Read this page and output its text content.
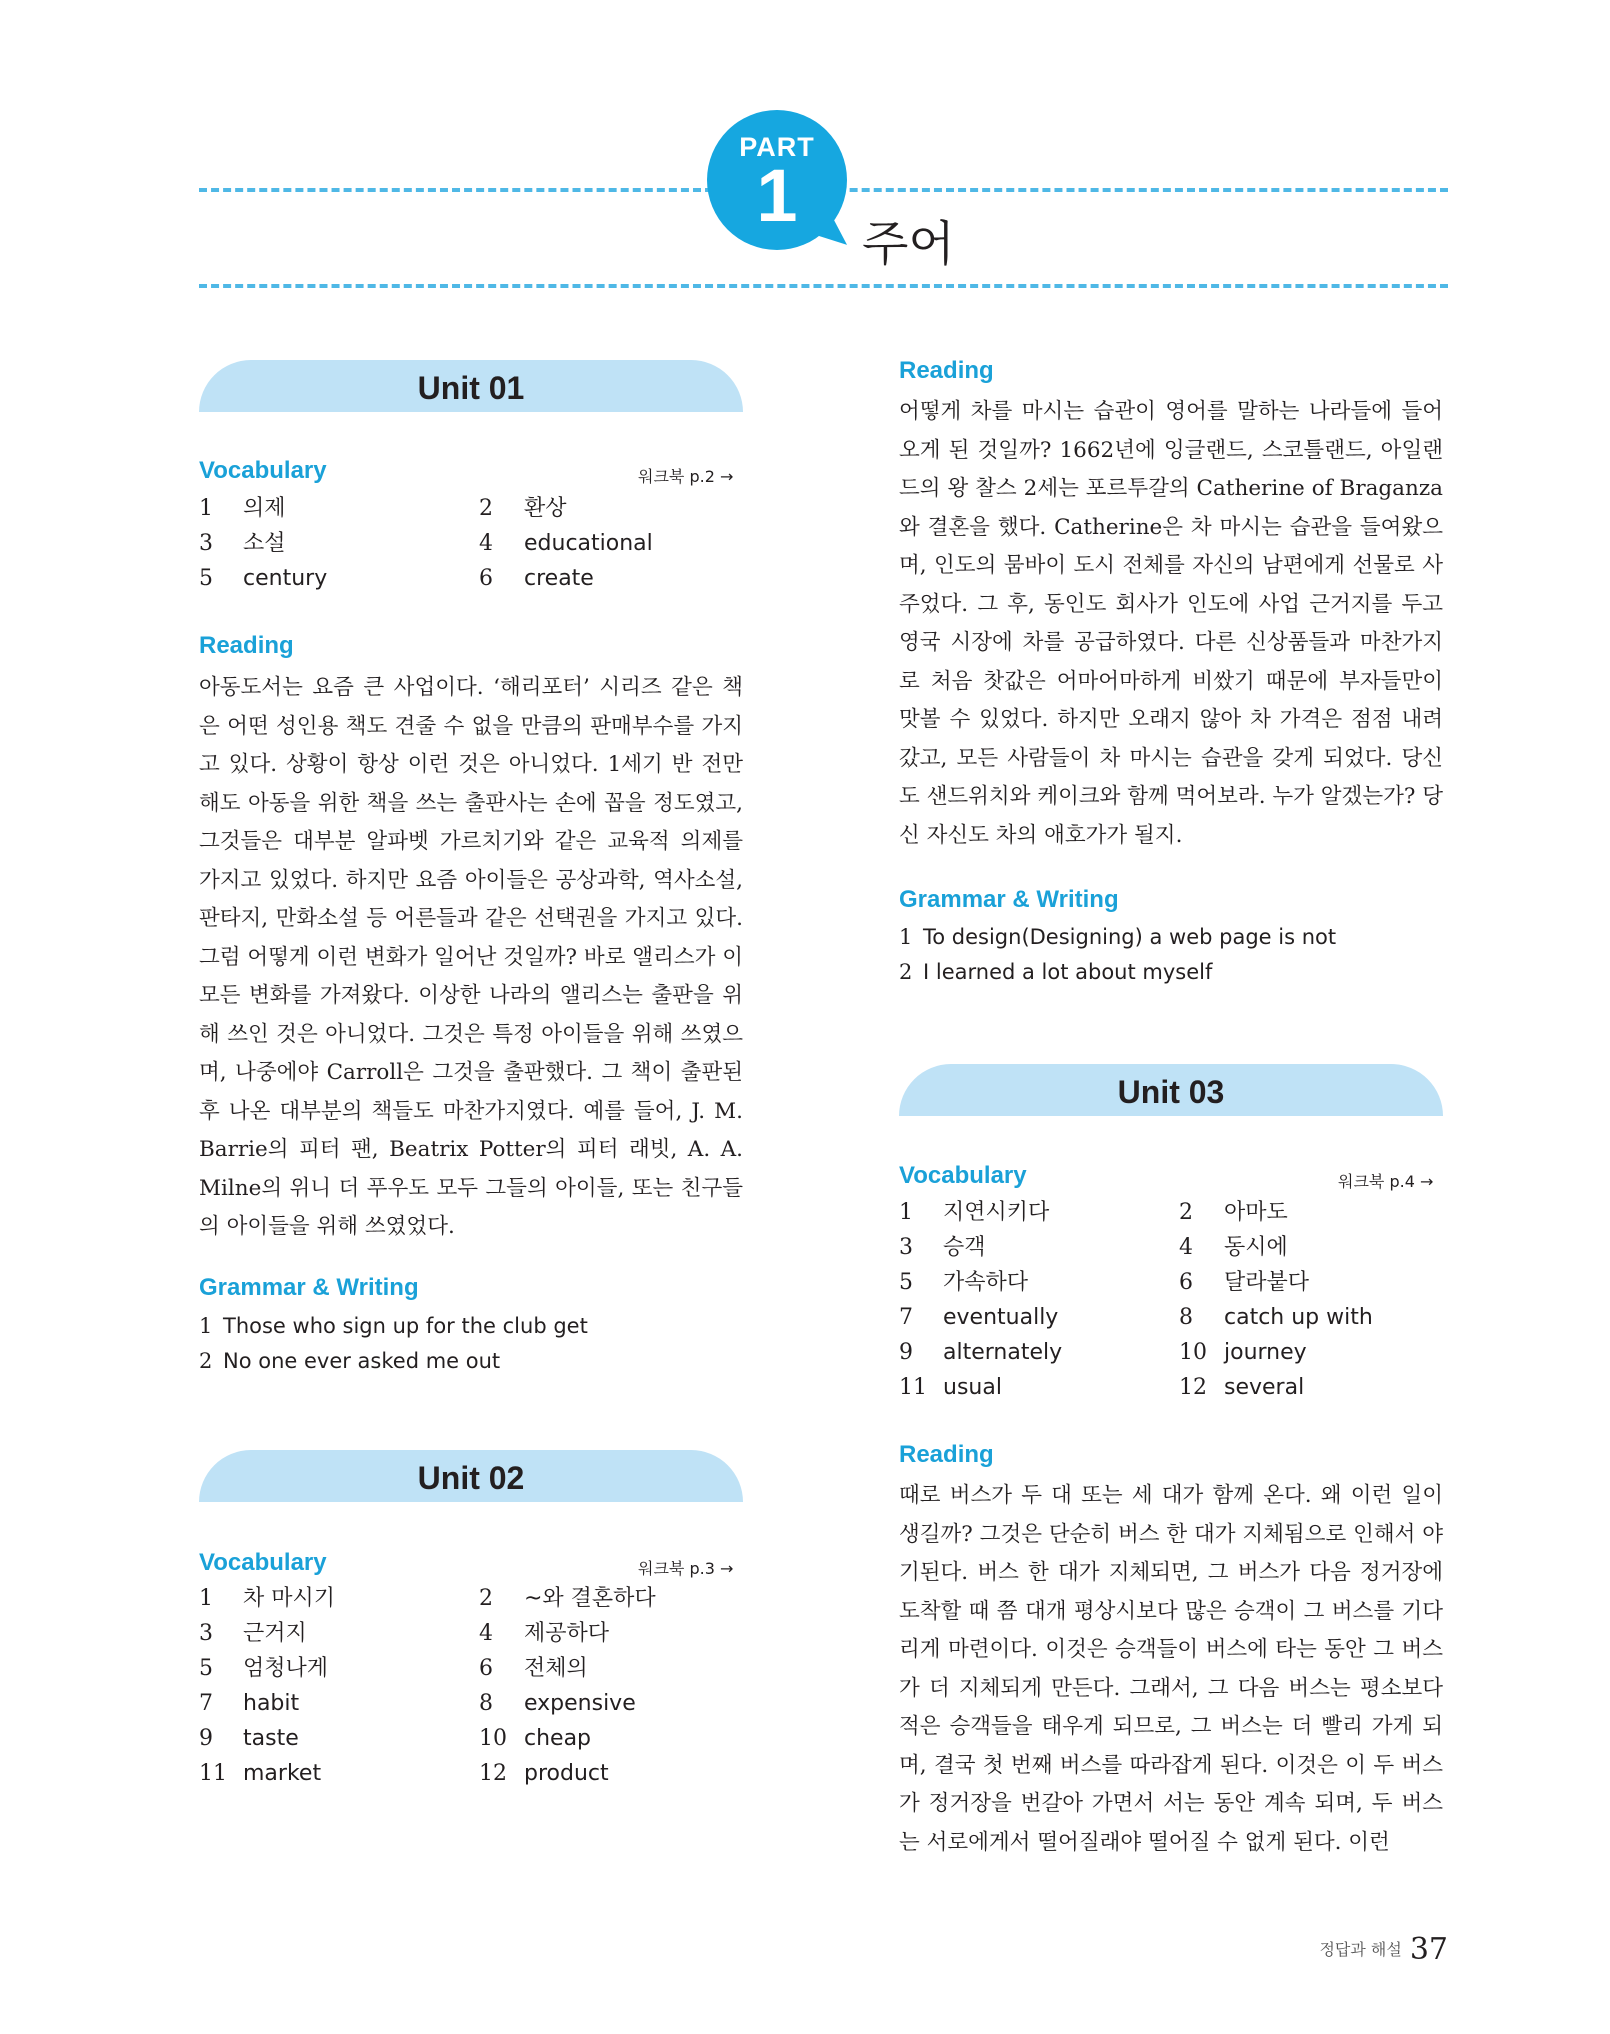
PART
1
주어
Unit 01
Vocabulary	워크북 p.2 →
1 의제	2 환상
3 소설	4 educational
5 century	6 create
Reading
아동도서는 요즘 큰 사업이다. ‘해리포터’ 시리즈 같은 책은 어떤 성인용 책도 견줄 수 없을 만큼의 판매부수를 가지고 있다. 상황이 항상 이런 것은 아니었다. 1세기 반 전만 해도 아동을 위한 책을 쓰는 출판사는 손에 꼽을 정도였고, 그것들은 대부분 알파벳 가르치기와 같은 교육적 의제를 가지고 있었다. 하지만 요즘 아이들은 공상과학, 역사소설, 판타지, 만화소설 등 어른들과 같은 선택권을 가지고 있다. 그럼 어떻게 이런 변화가 일어난 것일까? 바로 앨리스가 이 모든 변화를 가져왔다. 이상한 나라의 앨리스는 출판을 위해 쓰인 것은 아니었다. 그것은 특정 아이들을 위해 쓰였으며, 나중에야 Carroll은 그것을 출판했다. 그 책이 출판된 후 나온 대부분의 책들도 마찬가지였다. 예를 들어, J. M. Barrie의 피터 팬, Beatrix Potter의 피터 래빗, A. A. Milne의 위니 더 푸우도 모두 그들의 아이들, 또는 친구들의 아이들을 위해 쓰였었다.
Grammar & Writing
1 Those who sign up for the club get
2 No one ever asked me out
Unit 02
Vocabulary	워크북 p.3 →
1 차 마시기	2 ~와 결혼하다
3 근거지	4 제공하다
5 엄청나게	6 전체의
7 habit	8 expensive
9 taste	10 cheap
11 market	12 product
Reading
어떻게 차를 마시는 습관이 영어를 말하는 나라들에 들어오게 된 것일까? 1662년에 잉글랜드, 스코틀랜드, 아일랜드의 왕 찰스 2세는 포르투갈의 Catherine of Braganza와 결혼을 했다. Catherine은 차 마시는 습관을 들여왔으며, 인도의 뭄바이 도시 전체를 자신의 남편에게 선물로 사 주었다. 그 후, 동인도 회사가 인도에 사업 근거지를 두고 영국 시장에 차를 공급하였다. 다른 신상품들과 마찬가지로 처음 찻값은 어마어마하게 비쌌기 때문에 부자들만이 맛볼 수 있었다. 하지만 오래지 않아 차 가격은 점점 내려갔고, 모든 사람들이 차 마시는 습관을 갖게 되었다. 당신도 샌드위치와 케이크와 함께 먹어보라. 누가 알겠는가? 당신 자신도 차의 애호가가 될지.
Grammar & Writing
1 To design(Designing) a web page is not
2 I learned a lot about myself
Unit 03
Vocabulary	워크북 p.4 →
1 지연시키다	2 아마도
3 승객	4 동시에
5 가속하다	6 달라붙다
7 eventually	8 catch up with
9 alternately	10 journey
11 usual	12 several
Reading
때로 버스가 두 대 또는 세 대가 함께 온다. 왜 이런 일이 생길까? 그것은 단순히 버스 한 대가 지체됨으로 인해서 야기된다. 버스 한 대가 지체되면, 그 버스가 다음 정거장에 도착할 때 쯤 대개 평상시보다 많은 승객이 그 버스를 기다리게 마련이다. 이것은 승객들이 버스에 타는 동안 그 버스가 더 지체되게 만든다. 그래서, 그 다음 버스는 평소보다 적은 승객들을 태우게 되므로, 그 버스는 더 빨리 가게 되며, 결국 첫 번째 버스를 따라잡게 된다. 이것은 이 두 버스가 정거장을 번갈아 가면서 서는 동안 계속 되며, 두 버스는 서로에게서 떨어질래야 떨어질 수 없게 된다. 이런
정답과 해설 37
